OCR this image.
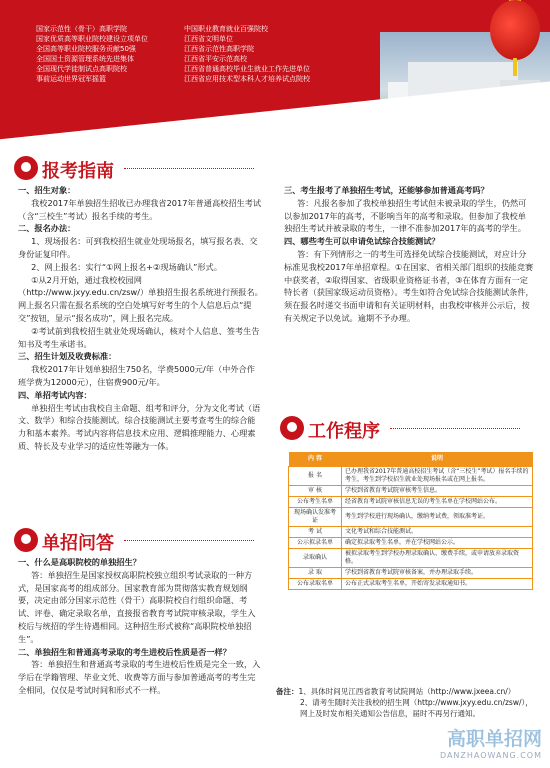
国家示范性（骨干）高职学院
国家优质高等职业院校建设立项单位
全国高等职业院校服务贡献50强
全国国土资源管理系统先进集体
全国现代学徒制试点高职院校
事前运动世界冠军摇篮
中国职业教育就业百强院校
江西省文明单位
江西省示范性高职学院
江西省平安示范高校
江西省普通高校毕业生就业工作先进单位
江西省应用技术型本科人才培养试点院校
报考指南

一、招生对象：

我校2017年单独招生招收已办理我省2017年普通高校招生考试（含“三校生”考试）报名手续的考生。

二、报名办法：

1、现场报名：可到我校招生就业处现场报名，填写报名表、交身份证复印件。

2、网上报名：实行“①网上报名+②现场确认”形式。

①从2月开始，通过我校校园网（http://www.jxyy.edu.cn/zsw/）单独招生报名系统进行预报名。网上报名只需在报名系统的空白处填写好考生的个人信息后点“提交”按钮，显示“报名成功”，网上报名完成。

②考试前到我校招生就业处现场确认，核对个人信息、签考生告知书及考生承诺书。

三、招生计划及收费标准：

我校2017年计划单独招生750名，学费5000元/年（中外合作班学费为12000元），住宿费900元/年。

四、单招考试内容：

单独招生考试由我校自主命题、组考和评分，分为文化考试（语文、数学）和综合技能测试。综合技能测试主要考查考生的综合能力和基本素养。考试内容将信息技术应用、逻辑推理能力、心理素质、特长及专业学习的适应性等融为一体。

单招问答

一、什么是高职院校的单独招生？

答：单独招生是国家授权高职院校独立组织考试录取的一种方式，是国家高考的组成部分。国家教育部为贯彻落实教育规划纲要，决定由部分国家示范性（骨干）高职院校自行组织命题、考试、评卷、确定录取名单，直接报省教育考试院审核录取，学生入校后与统招的学生待遇相同。这种招生形式被称“高职院校单独招生”。

二、单独招生和普通高考录取的考生进校后性质是否一样？

答：单独招生和普通高考录取的考生进校后性质是完全一致，入学后在学籍管理、毕业文凭、收费等方面与参加普通高考的考生完全相同，仅仅是考试时间和形式不一样。

三、考生报考了单独招生考试，还能够参加普通高考吗？

答：凡报名参加了我校单独招生考试但未被录取的学生，仍然可以参加2017年的高考，不影响当年的高考和录取。但参加了我校单独招生考试并被录取的考生，一律不准参加2017年的高考的学生。

四、哪些考生可以申请免试综合技能测试？

答：有下列情形之一的考生可选择免试综合技能测试，对应计分标准见我校2017年单招章程。①在国家、省相关部门组织的技能竞赛中获奖者，②取得国家、省级职业资格证书者，③在体育方面有一定特长者（获国家级运动员资格）。考生如符合免试综合技能测试条件，须在报名时递交书面申请和有关证明材料，由我校审核并公示后，按有关规定予以免试。逾期不予办理。

工作程序
内 容	说明
报 名	已办理我省2017年普通高校招生考试（含“三校生”考试）报名手续的考生，考生到学校招生就业处现场报名或在网上报名。
审 核	学校到省教育考试院审核考生信息。
公布考生名单	经省教育考试院审核信息无误的考生名单在学校网站公布。
现场确认发准考证	考生到学校进行现场确认，缴纳考试费，领取准考证。
考 试	文化考试和综合技能测试。
公示拟录名单	确定拟录取考生名单，并在学校网站公示。
录取确认	被拟录取考生到学校办理录取确认、缴费手续，或申请放弃录取资格。
录 取	学校到省教育考试院审核备案，并办理录取手续。
公布录取名单	公布正式录取考生名单，开始寄发录取通知书。
备注：1、具体时间见江西省教育考试院网站（http://www.jxeea.cn/）
2、请考生随时关注我校的招生网（http://www.jxyy.edu.cn/zsw/），网上及时发布相关通知公告信息，届时不再另行通知。
高职单招网
DANZHAOWANG.COM
